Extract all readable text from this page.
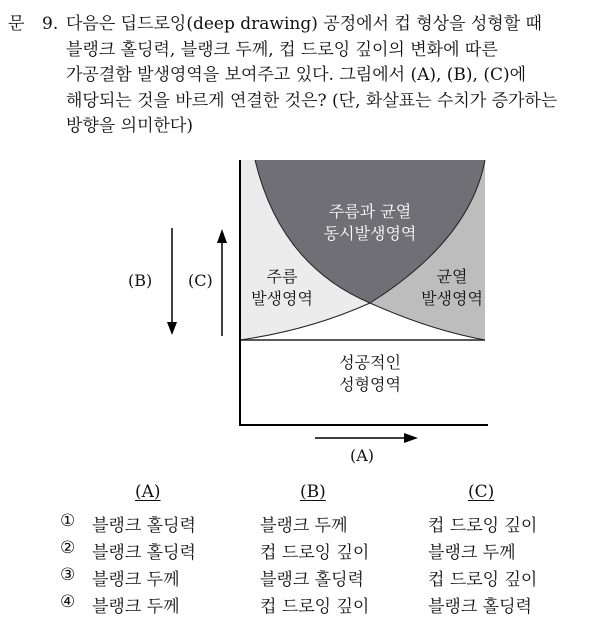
문 9. 다음은 딥드로잉(deep drawing) 공정에서 컵 형상을 성형할 때
블랭크 홀딩력, 블랭크 두께, 컵 드로잉 깊이의 변화에 따른
가공결함 발생영역을 보여주고 있다. 그림에서 (A), (B), (C)에
해당되는 것을 바르게 연결한 것은? (단, 화살표는 수치가 증가하는
방향을 의미한다)
주름과 균열
동시발생영역
주름
발생영역
균열
발생영역
성공적인
성형영역
(B) (C)
(A)
(A)	(B)	(C)
① 블랭크 홀딩력	블랭크 두께	컵 드로잉 깊이
② 블랭크 홀딩력	컵 드로잉 깊이	블랭크 두께
③ 블랭크 두께	블랭크 홀딩력	컵 드로잉 깊이
④ 블랭크 두께	컵 드로잉 깊이	블랭크 홀딩력
